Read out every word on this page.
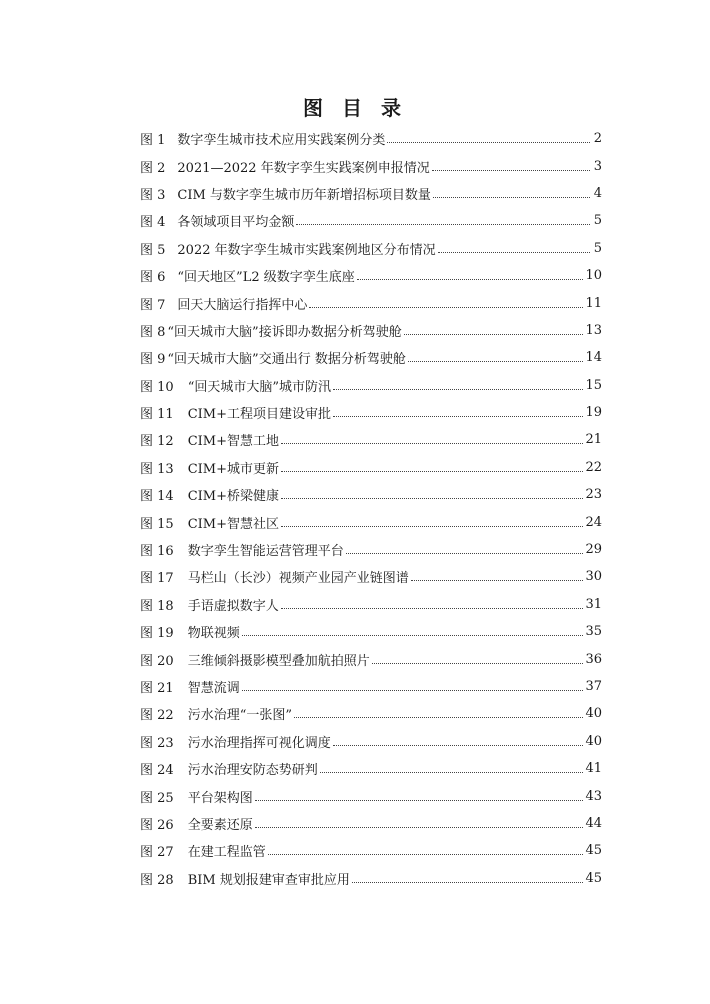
图 目 录
图 1 数字孪生城市技术应用实践案例分类	2
图 2 2021—2022 年数字孪生实践案例申报情况	3
图 3 CIM 与数字孪生城市历年新增招标项目数量	4
图 4 各领域项目平均金额	5
图 5 2022 年数字孪生城市实践案例地区分布情况	5
图 6 “回天地区”L2 级数字孪生底座	10
图 7 回天大脑运行指挥中心	11
图 8 “回天城市大脑”接诉即办数据分析驾驶舱	13
图 9 “回天城市大脑”交通出行 数据分析驾驶舱	14
图 10 “回天城市大脑”城市防汛	15
图 11 CIM+工程项目建设审批	19
图 12 CIM+智慧工地	21
图 13 CIM+城市更新	22
图 14 CIM+桥梁健康	23
图 15 CIM+智慧社区	24
图 16 数字孪生智能运营管理平台	29
图 17 马栏山（长沙）视频产业园产业链图谱	30
图 18 手语虚拟数字人	31
图 19 物联视频	35
图 20 三维倾斜摄影模型叠加航拍照片	36
图 21 智慧流调	37
图 22 污水治理“一张图”	40
图 23 污水治理指挥可视化调度	40
图 24 污水治理安防态势研判	41
图 25 平台架构图	43
图 26 全要素还原	44
图 27 在建工程监管	45
图 28 BIM 规划报建审查审批应用	45
